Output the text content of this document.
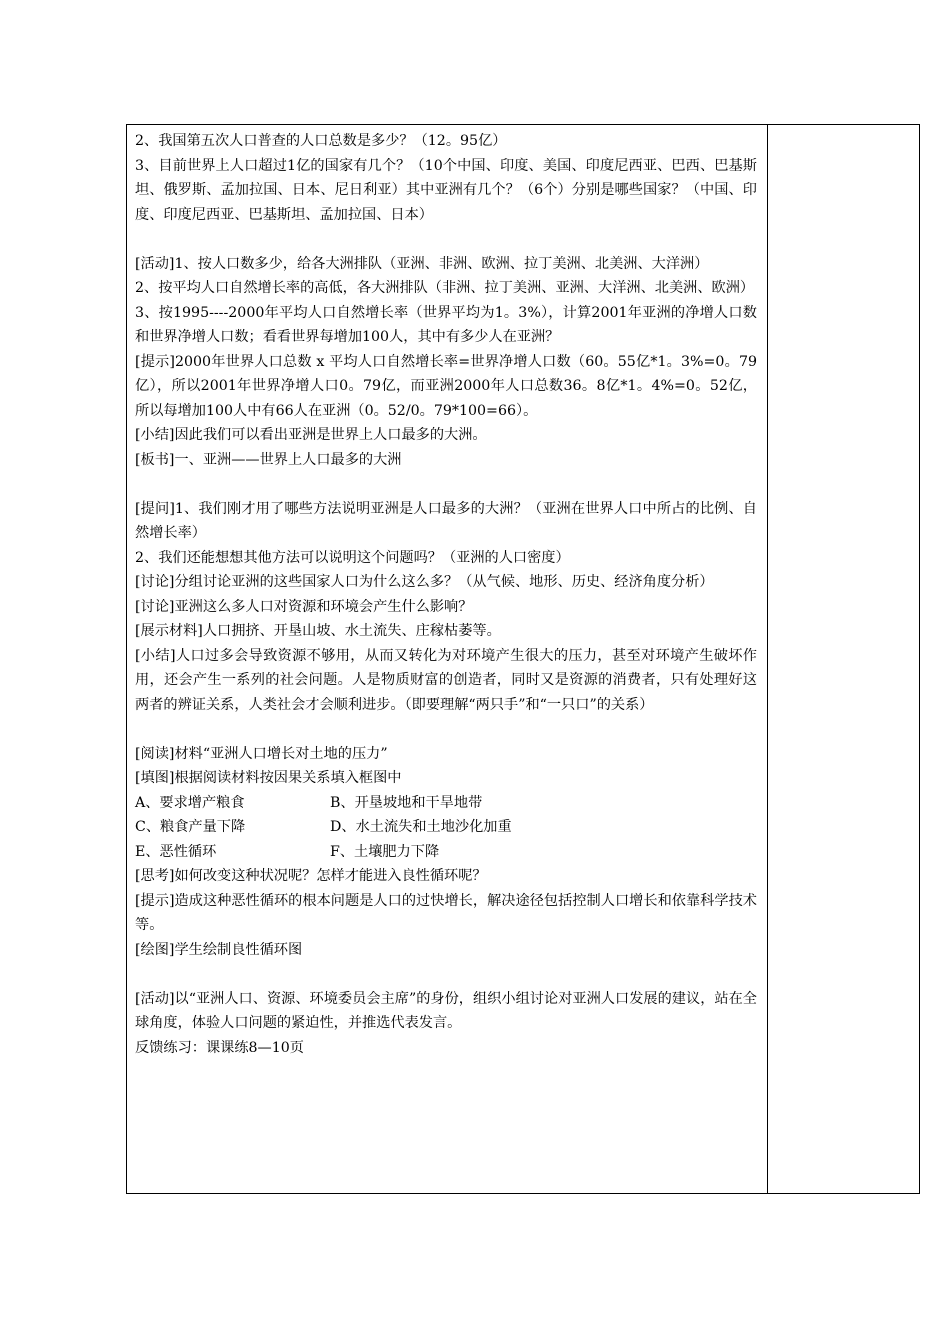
2、我国第五次人口普查的人口总数是多少？（12。95亿）

3、目前世界上人口超过1亿的国家有几个？（10个中国、印度、美国、印度尼西亚、巴西、巴基斯坦、俄罗斯、孟加拉国、日本、尼日利亚）其中亚洲有几个？（6个）分别是哪些国家？（中国、印度、印度尼西亚、巴基斯坦、孟加拉国、日本）

[活动]1、按人口数多少，给各大洲排队（亚洲、非洲、欧洲、拉丁美洲、北美洲、大洋洲）

2、按平均人口自然增长率的高低，各大洲排队（非洲、拉丁美洲、亚洲、大洋洲、北美洲、欧洲）

3、按1995----2000年平均人口自然增长率（世界平均为1。3%），计算2001年亚洲的净增人口数和世界净增人口数；看看世界每增加100人，其中有多少人在亚洲？

[提示]2000年世界人口总数 x 平均人口自然增长率=世界净增人口数（60。55亿*1。3%=0。79亿），所以2001年世界净增人口0。79亿，而亚洲2000年人口总数36。8亿*1。4%=0。52亿，所以每增加100人中有66人在亚洲（0。52/0。79*100=66）。

[小结]因此我们可以看出亚洲是世界上人口最多的大洲。

[板书]一、亚洲——世界上人口最多的大洲

[提问]1、我们刚才用了哪些方法说明亚洲是人口最多的大洲？（亚洲在世界人口中所占的比例、自然增长率）

2、我们还能想想其他方法可以说明这个问题吗？（亚洲的人口密度）

[讨论]分组讨论亚洲的这些国家人口为什么这么多？（从气候、地形、历史、经济角度分析）

[讨论]亚洲这么多人口对资源和环境会产生什么影响？

[展示材料]人口拥挤、开垦山坡、水土流失、庄稼枯萎等。

[小结]人口过多会导致资源不够用，从而又转化为对环境产生很大的压力，甚至对环境产生破坏作用，还会产生一系列的社会问题。人是物质财富的创造者，同时又是资源的消费者，只有处理好这两者的辨证关系，人类社会才会顺利进步。（即要理解“两只手”和“一只口”的关系）

[阅读]材料“亚洲人口增长对土地的压力”

[填图]根据阅读材料按因果关系填入框图中

A、要求增产粮食	B、开垦坡地和干旱地带
C、粮食产量下降	D、水土流失和土地沙化加重
E、恶性循环	F、土壤肥力下降

[思考]如何改变这种状况呢？怎样才能进入良性循环呢？

[提示]造成这种恶性循环的根本问题是人口的过快增长，解决途径包括控制人口增长和依靠科学技术等。

[绘图]学生绘制良性循环图

[活动]以“亚洲人口、资源、环境委员会主席”的身份，组织小组讨论对亚洲人口发展的建议，站在全球角度，体验人口问题的紧迫性，并推选代表发言。

反馈练习：课课练8—10页
